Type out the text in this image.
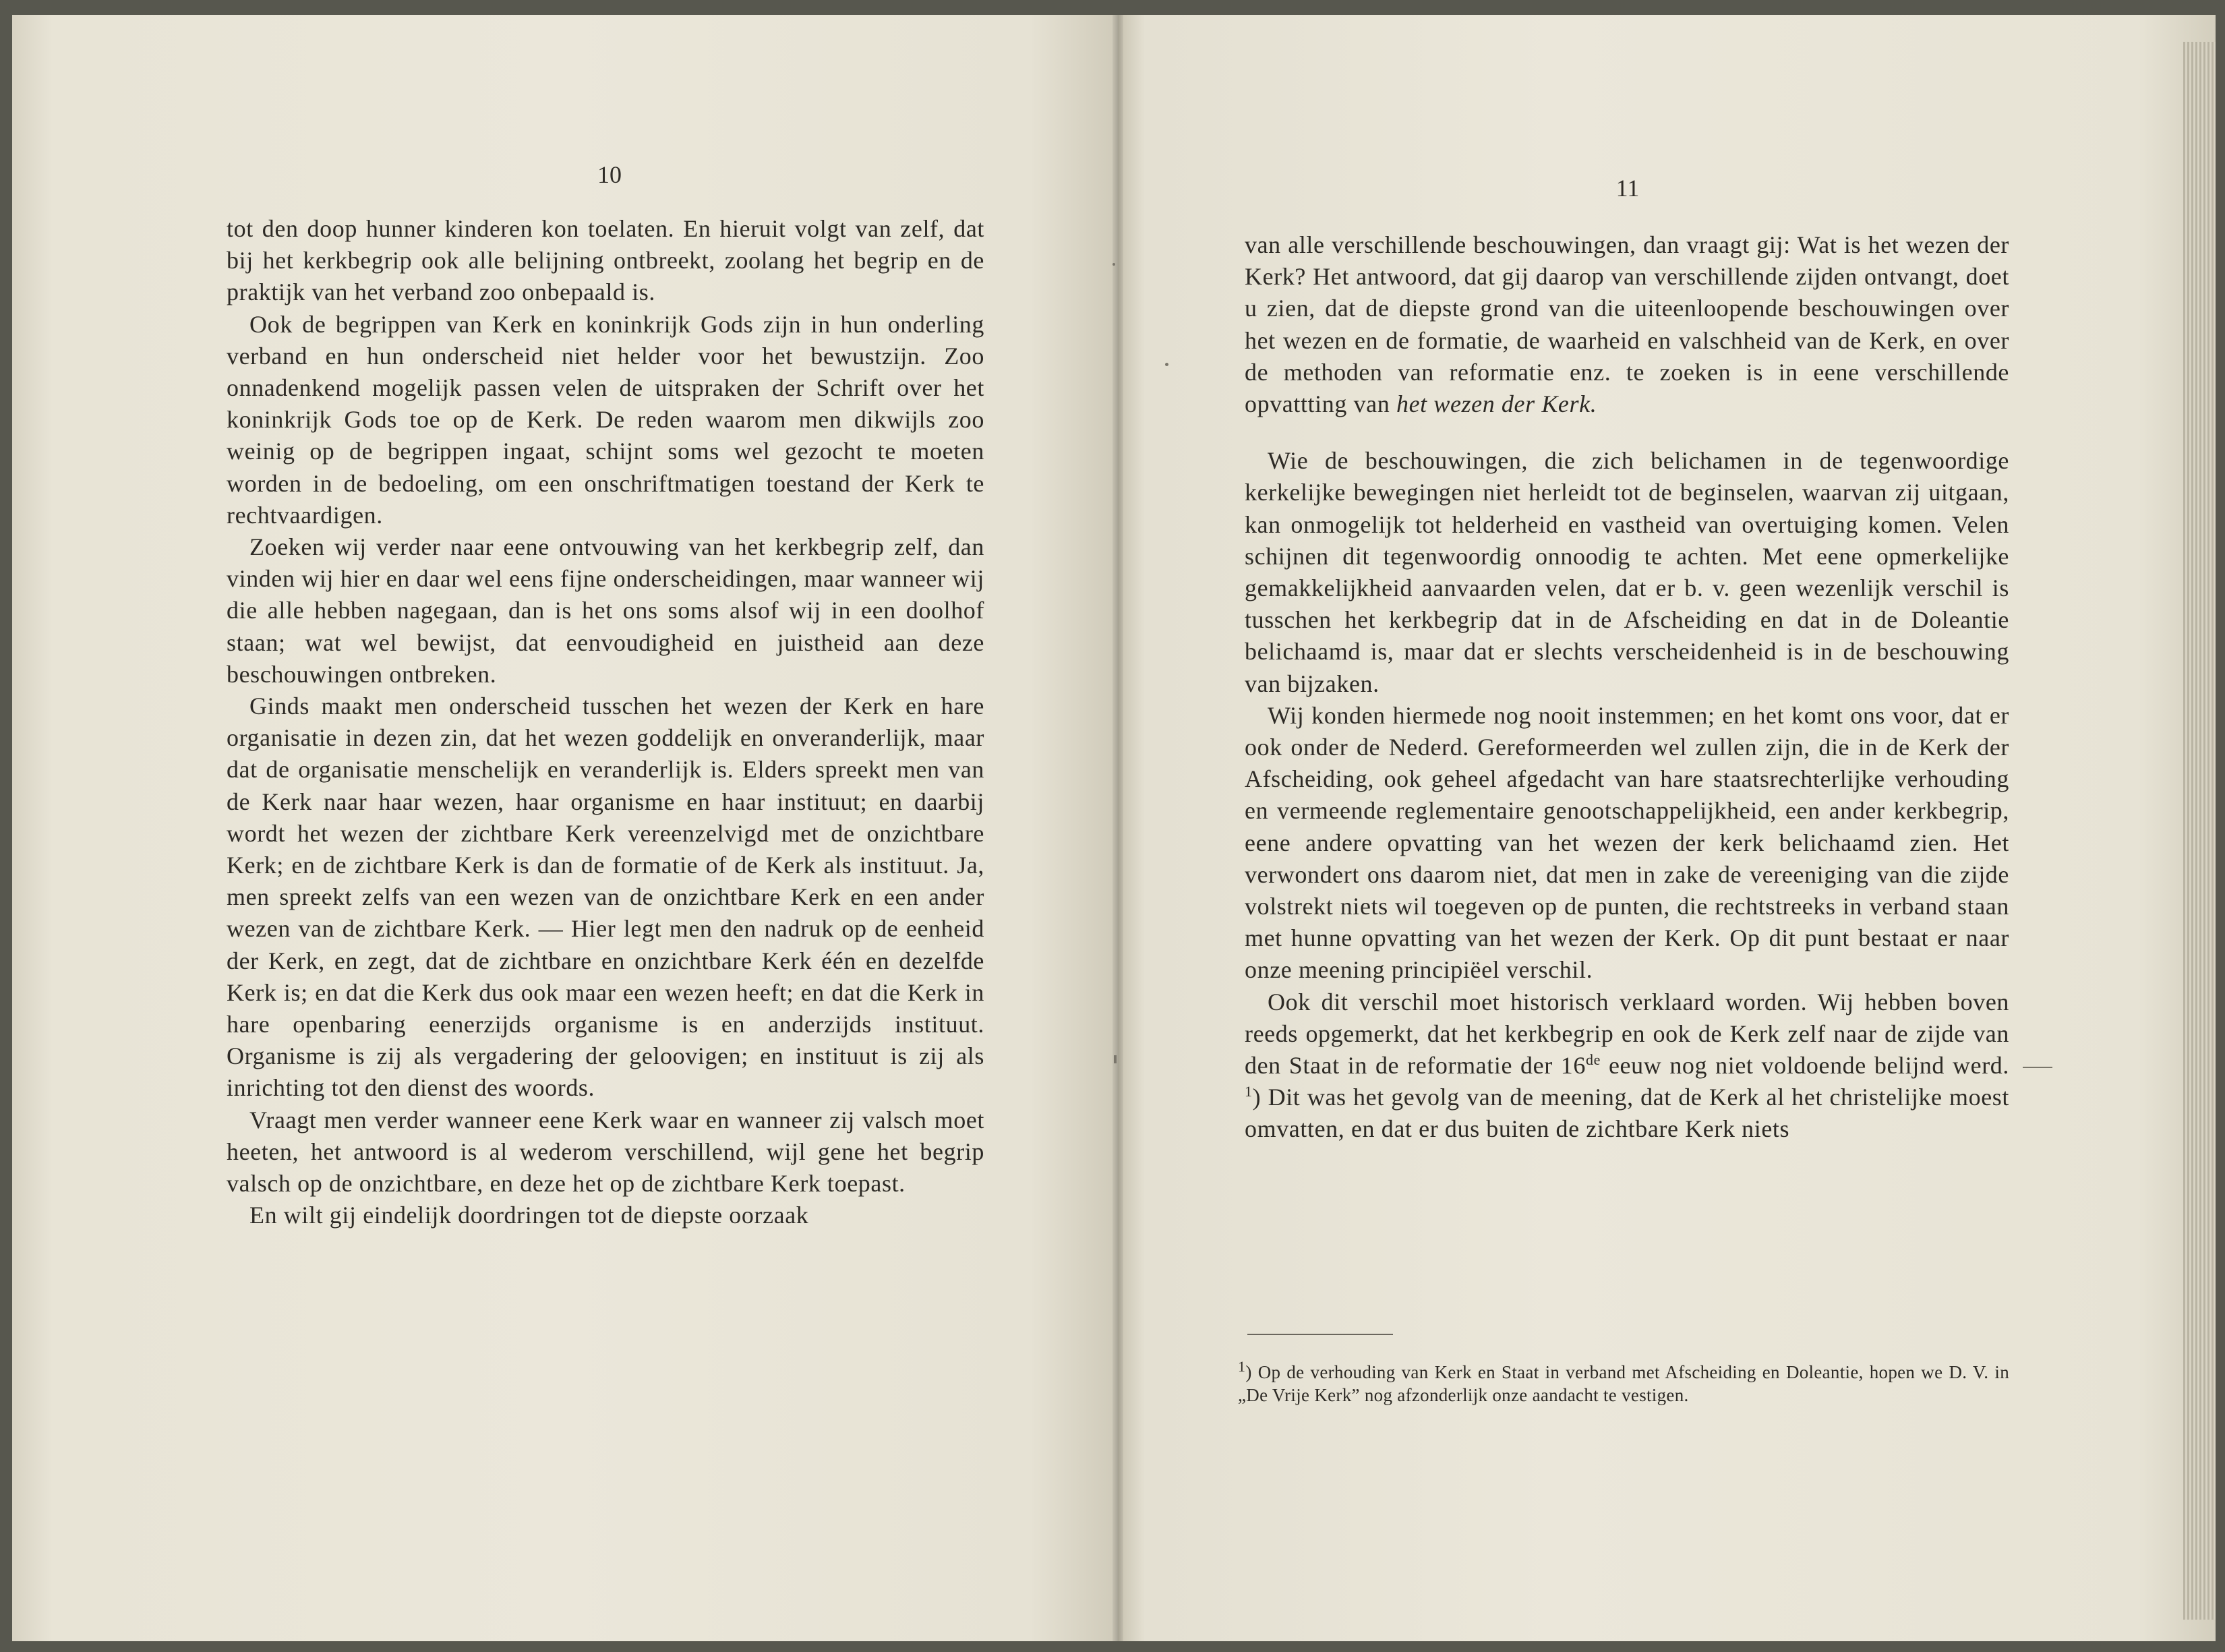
10

tot den doop hunner kinderen kon toelaten. En hieruit volgt van zelf, dat bij het kerkbegrip ook alle belijning ontbreekt, zoolang het begrip en de praktijk van het verband zoo onbepaald is.

Ook de begrippen van Kerk en koninkrijk Gods zijn in hun onderling verband en hun onderscheid niet helder voor het bewustzijn. Zoo onnadenkend mogelijk passen velen de uitspraken der Schrift over het koninkrijk Gods toe op de Kerk. De reden waarom men dikwijls zoo weinig op de begrippen ingaat, schijnt soms wel gezocht te moeten worden in de bedoeling, om een onschriftmatigen toestand der Kerk te rechtvaardigen.

Zoeken wij verder naar eene ontvouwing van het kerkbegrip zelf, dan vinden wij hier en daar wel eens fijne onderscheidingen, maar wanneer wij die alle hebben nagegaan, dan is het ons soms alsof wij in een doolhof staan; wat wel bewijst, dat eenvoudigheid en juistheid aan deze beschouwingen ontbreken.

Ginds maakt men onderscheid tusschen het wezen der Kerk en hare organisatie in dezen zin, dat het wezen goddelijk en onveranderlijk, maar dat de organisatie menschelijk en veranderlijk is. Elders spreekt men van de Kerk naar haar wezen, haar organisme en haar instituut; en daarbij wordt het wezen der zichtbare Kerk vereenzelvigd met de onzichtbare Kerk; en de zichtbare Kerk is dan de formatie of de Kerk als instituut. Ja, men spreekt zelfs van een wezen van de onzichtbare Kerk en een ander wezen van de zichtbare Kerk. — Hier legt men den nadruk op de eenheid der Kerk, en zegt, dat de zichtbare en onzichtbare Kerk één en dezelfde Kerk is; en dat die Kerk dus ook maar een wezen heeft; en dat die Kerk in hare openbaring eenerzijds organisme is en anderzijds instituut. Organisme is zij als vergadering der geloovigen; en instituut is zij als inrichting tot den dienst des woords.

Vraagt men verder wanneer eene Kerk waar en wanneer zij valsch moet heeten, het antwoord is al wederom verschillend, wijl gene het begrip valsch op de onzichtbare, en deze het op de zichtbare Kerk toepast.

En wilt gij eindelijk doordringen tot de diepste oorzaak

11

van alle verschillende beschouwingen, dan vraagt gij: Wat is het wezen der Kerk? Het antwoord, dat gij daarop van verschillende zijden ontvangt, doet u zien, dat de diepste grond van die uiteenloopende beschouwingen over het wezen en de formatie, de waarheid en valschheid van de Kerk, en over de methoden van reformatie enz. te zoeken is in eene verschillende opvattting van het wezen der Kerk.

Wie de beschouwingen, die zich belichamen in de tegenwoordige kerkelijke bewegingen niet herleidt tot de beginselen, waarvan zij uitgaan, kan onmogelijk tot helderheid en vastheid van overtuiging komen. Velen schijnen dit tegenwoordig onnoodig te achten. Met eene opmerkelijke gemakkelijkheid aanvaarden velen, dat er b. v. geen wezenlijk verschil is tusschen het kerkbegrip dat in de Afscheiding en dat in de Doleantie belichaamd is, maar dat er slechts verscheidenheid is in de beschouwing van bijzaken.

Wij konden hiermede nog nooit instemmen; en het komt ons voor, dat er ook onder de Nederd. Gereformeerden wel zullen zijn, die in de Kerk der Afscheiding, ook geheel afgedacht van hare staatsrechterlijke verhouding en vermeende reglementaire genootschappelijkheid, een ander kerkbegrip, eene andere opvatting van het wezen der kerk belichaamd zien. Het verwondert ons daarom niet, dat men in zake de vereeniging van die zijde volstrekt niets wil toegeven op de punten, die rechtstreeks in verband staan met hunne opvatting van het wezen der Kerk. Op dit punt bestaat er naar onze meening principiëel verschil.

Ook dit verschil moet historisch verklaard worden. Wij hebben boven reeds opgemerkt, dat het kerkbegrip en ook de Kerk zelf naar de zijde van den Staat in de reformatie der 16de eeuw nog niet voldoende belijnd werd. $^1$) Dit was het gevolg van de meening, dat de Kerk al het christelijke moest omvatten, en dat er dus buiten de zichtbare Kerk niets

$^1$) Op de verhouding van Kerk en Staat in verband met Afscheiding en Doleantie, hopen we D. V. in „De Vrije Kerk” nog afzonderlijk onze aandacht te vestigen.
